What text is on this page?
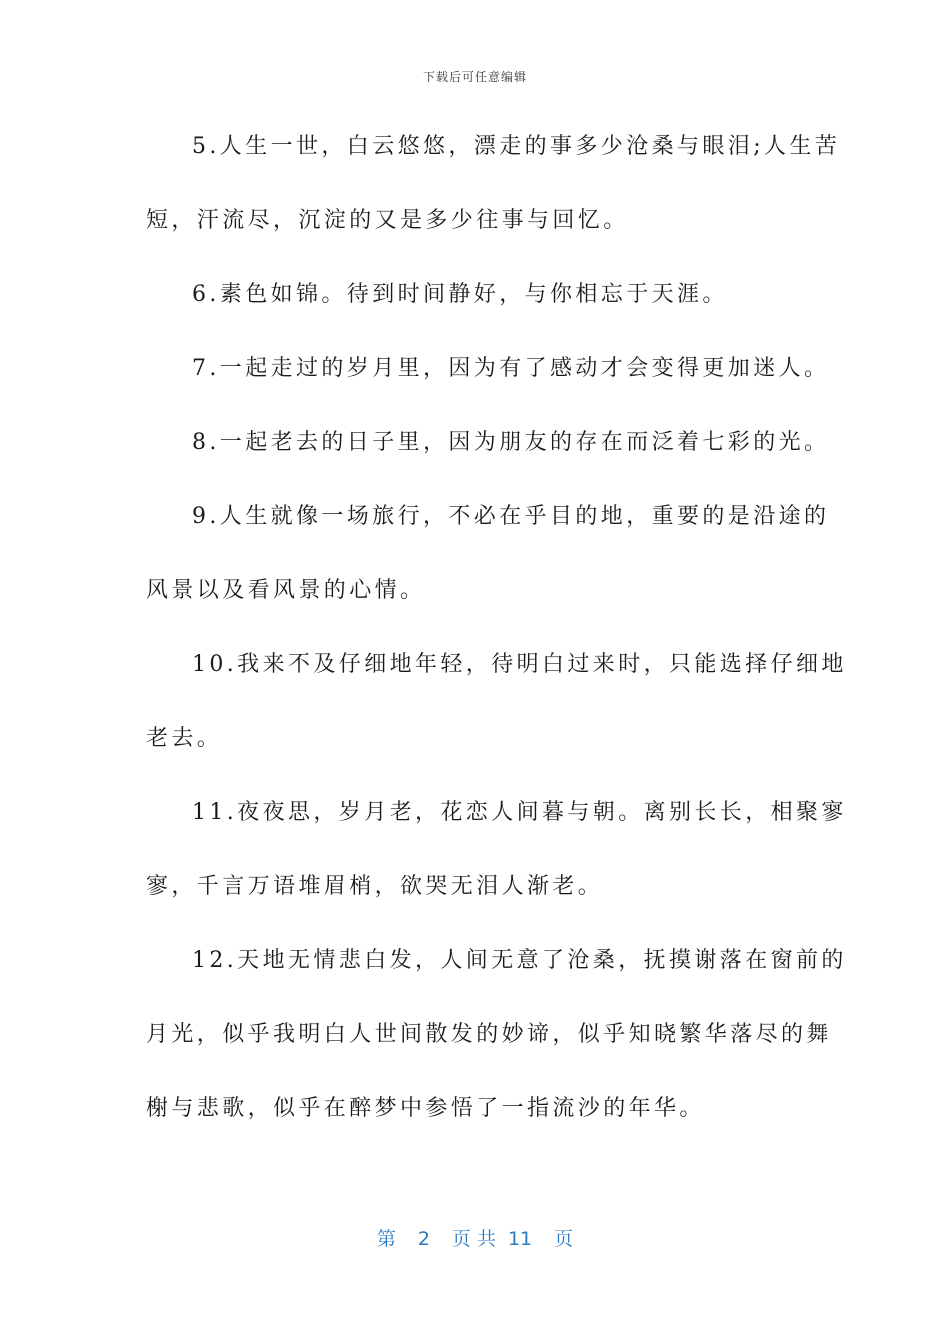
下载后可任意编辑
5.人生一世，白云悠悠，漂走的事多少沧桑与眼泪;人生苦
短，汗流尽，沉淀的又是多少往事与回忆。
6.素色如锦。待到时间静好，与你相忘于天涯。
7.一起走过的岁月里，因为有了感动才会变得更加迷人。
8.一起老去的日子里，因为朋友的存在而泛着七彩的光。
9.人生就像一场旅行，不必在乎目的地，重要的是沿途的
风景以及看风景的心情。
10.我来不及仔细地年轻，待明白过来时，只能选择仔细地
老去。
11.夜夜思，岁月老，花恋人间暮与朝。离别长长，相聚寥
寥，千言万语堆眉梢，欲哭无泪人渐老。
12.天地无情悲白发，人间无意了沧桑，抚摸谢落在窗前的
月光，似乎我明白人世间散发的妙谛，似乎知晓繁华落尽的舞
榭与悲歌，似乎在醉梦中参悟了一指流沙的年华。
第 2 页 共 11 页
